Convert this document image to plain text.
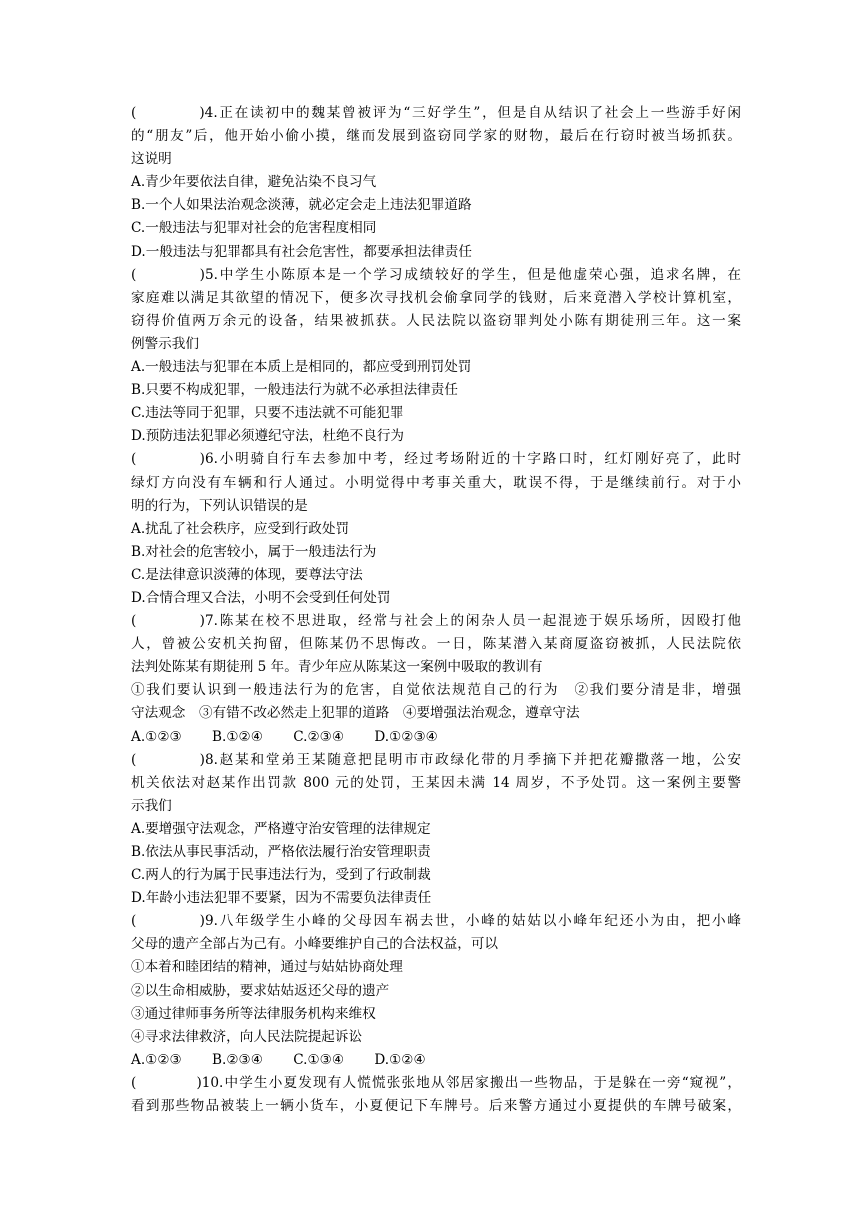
(　　　　)4.正在读初中的魏某曾被评为“三好学生”，但是自从结识了社会上一些游手好闲
的“朋友”后，他开始小偷小摸，继而发展到盗窃同学家的财物，最后在行窃时被当场抓获。
这说明
A.青少年要依法自律，避免沾染不良习气
B.一个人如果法治观念淡薄，就必定会走上违法犯罪道路
C.一般违法与犯罪对社会的危害程度相同
D.一般违法与犯罪都具有社会危害性，都要承担法律责任
(　　　　)5.中学生小陈原本是一个学习成绩较好的学生，但是他虚荣心强，追求名牌，在
家庭难以满足其欲望的情况下，便多次寻找机会偷拿同学的钱财，后来竟潜入学校计算机室，
窃得价值两万余元的设备，结果被抓获。人民法院以盗窃罪判处小陈有期徒刑三年。这一案
例警示我们
A.一般违法与犯罪在本质上是相同的，都应受到刑罚处罚
B.只要不构成犯罪，一般违法行为就不必承担法律责任
C.违法等同于犯罪，只要不违法就不可能犯罪
D.预防违法犯罪必须遵纪守法，杜绝不良行为
(　　　　)6.小明骑自行车去参加中考，经过考场附近的十字路口时，红灯刚好亮了，此时
绿灯方向没有车辆和行人通过。小明觉得中考事关重大，耽误不得，于是继续前行。对于小
明的行为，下列认识错误的是
A.扰乱了社会秩序，应受到行政处罚
B.对社会的危害较小，属于一般违法行为
C.是法律意识淡薄的体现，要尊法守法
D.合情合理又合法，小明不会受到任何处罚
(　　　　)7.陈某在校不思进取，经常与社会上的闲杂人员一起混迹于娱乐场所，因殴打他
人，曾被公安机关拘留，但陈某仍不思悔改。一日，陈某潜入某商厦盗窃被抓，人民法院依
法判处陈某有期徒刑 5 年。青少年应从陈某这一案例中吸取的教训有
①我们要认识到一般违法行为的危害，自觉依法规范自己的行为　②我们要分清是非，增强
守法观念　③有错不改必然走上犯罪的道路　④要增强法治观念，遵章守法
A.①②③ B.①②④ C.②③④ D.①②③④
(　　　　)8.赵某和堂弟王某随意把昆明市市政绿化带的月季摘下并把花瓣撒落一地，公安
机关依法对赵某作出罚款 800 元的处罚，王某因未满 14 周岁，不予处罚。这一案例主要警
示我们
A.要增强守法观念，严格遵守治安管理的法律规定
B.依法从事民事活动，严格依法履行治安管理职责
C.两人的行为属于民事违法行为，受到了行政制裁
D.年龄小违法犯罪不要紧，因为不需要负法律责任
(　　　　)9.八年级学生小峰的父母因车祸去世，小峰的姑姑以小峰年纪还小为由，把小峰
父母的遗产全部占为己有。小峰要维护自己的合法权益，可以
①本着和睦团结的精神，通过与姑姑协商处理
②以生命相威胁，要求姑姑返还父母的遗产
③通过律师事务所等法律服务机构来维权
④寻求法律救济，向人民法院提起诉讼
A.①②③ B.②③④ C.①③④ D.①②④
(　　　　)10.中学生小夏发现有人慌慌张张地从邻居家搬出一些物品，于是躲在一旁“窥视”，
看到那些物品被装上一辆小货车，小夏便记下车牌号。后来警方通过小夏提供的车牌号破案，
